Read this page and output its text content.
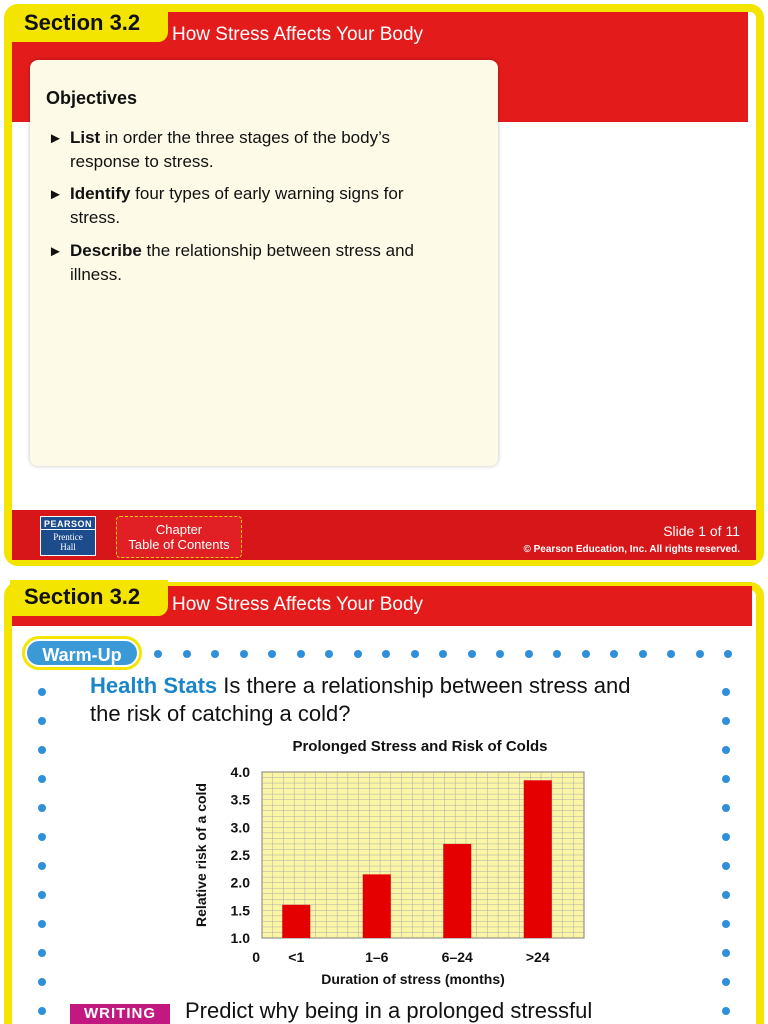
Section 3.2	How Stress Affects Your Body
Objectives
► List in order the three stages of the body’s
response to stress.
► Identify four types of early warning signs for
stress.
► Describe the relationship between stress and
illness.
PEARSON
Prentice
Hall
Chapter
Table of Contents
Slide 1 of 11
© Pearson Education, Inc. All rights reserved.
Section 3.2	How Stress Affects Your Body
Warm-Up
Health Stats Is there a relationship between stress and
the risk of catching a cold?
Prolonged Stress and Risk of Colds
1.0
1.5
2.0
2.5
3.0
3.5
4.0
0 <1	1–6	6–24	>24
Duration of stress (months)
Relative risk of a cold
WRITING	Predict why being in a prolonged stressful
